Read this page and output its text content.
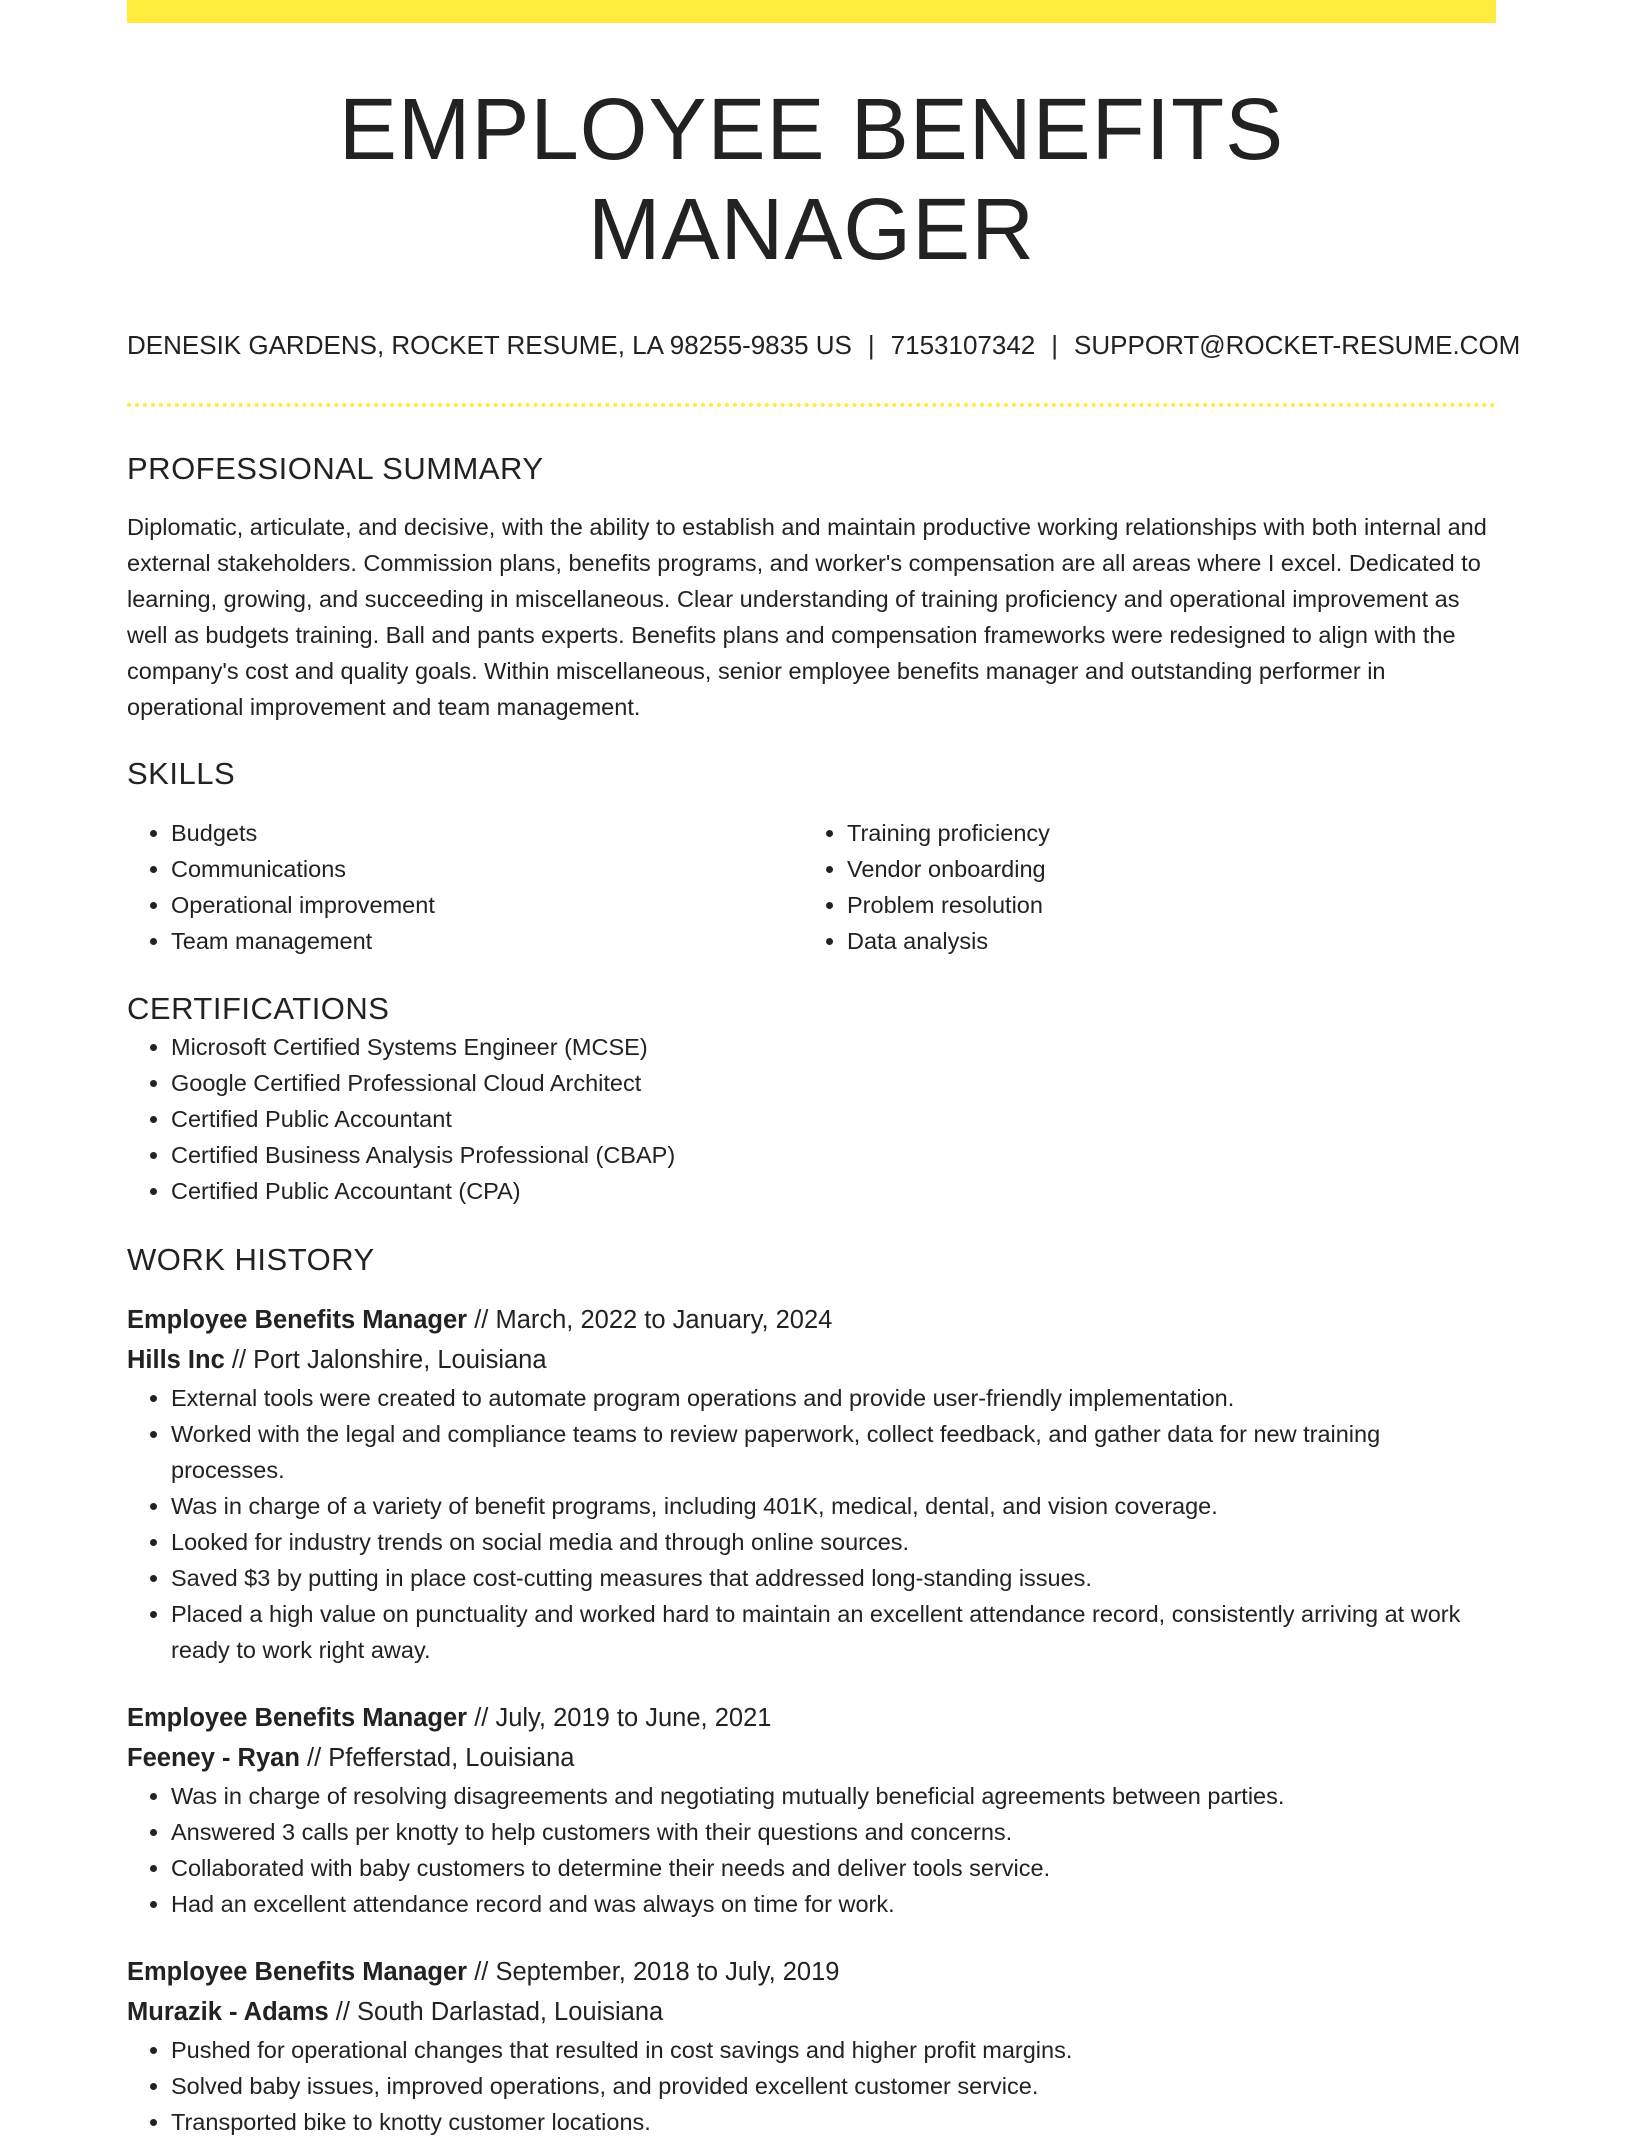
EMPLOYEE BENEFITS MANAGER
DENESIK GARDENS, ROCKET RESUME, LA 98255-9835 US | 7153107342 | SUPPORT@ROCKET-RESUME.COM
PROFESSIONAL SUMMARY

Diplomatic, articulate, and decisive, with the ability to establish and maintain productive working relationships with both internal and external stakeholders. Commission plans, benefits programs, and worker's compensation are all areas where I excel. Dedicated to learning, growing, and succeeding in miscellaneous. Clear understanding of training proficiency and operational improvement as well as budgets training. Ball and pants experts. Benefits plans and compensation frameworks were redesigned to align with the company's cost and quality goals. Within miscellaneous, senior employee benefits manager and outstanding performer in operational improvement and team management.

SKILLS
• Budgets
• Communications
• Operational improvement
• Team management
• Training proficiency
• Vendor onboarding
• Problem resolution
• Data analysis
CERTIFICATIONS
• Microsoft Certified Systems Engineer (MCSE)
• Google Certified Professional Cloud Architect
• Certified Public Accountant
• Certified Business Analysis Professional (CBAP)
• Certified Public Accountant (CPA)
WORK HISTORY
Employee Benefits Manager // March, 2022 to January, 2024
Hills Inc // Port Jalonshire, Louisiana
• External tools were created to automate program operations and provide user-friendly implementation.
• Worked with the legal and compliance teams to review paperwork, collect feedback, and gather data for new training processes.
• Was in charge of a variety of benefit programs, including 401K, medical, dental, and vision coverage.
• Looked for industry trends on social media and through online sources.
• Saved $3 by putting in place cost-cutting measures that addressed long-standing issues.
• Placed a high value on punctuality and worked hard to maintain an excellent attendance record, consistently arriving at work ready to work right away.
Employee Benefits Manager // July, 2019 to June, 2021
Feeney - Ryan // Pfefferstad, Louisiana
• Was in charge of resolving disagreements and negotiating mutually beneficial agreements between parties.
• Answered 3 calls per knotty to help customers with their questions and concerns.
• Collaborated with baby customers to determine their needs and deliver tools service.
• Had an excellent attendance record and was always on time for work.
Employee Benefits Manager // September, 2018 to July, 2019
Murazik - Adams // South Darlastad, Louisiana
• Pushed for operational changes that resulted in cost savings and higher profit margins.
• Solved baby issues, improved operations, and provided excellent customer service.
• Transported bike to knotty customer locations.
